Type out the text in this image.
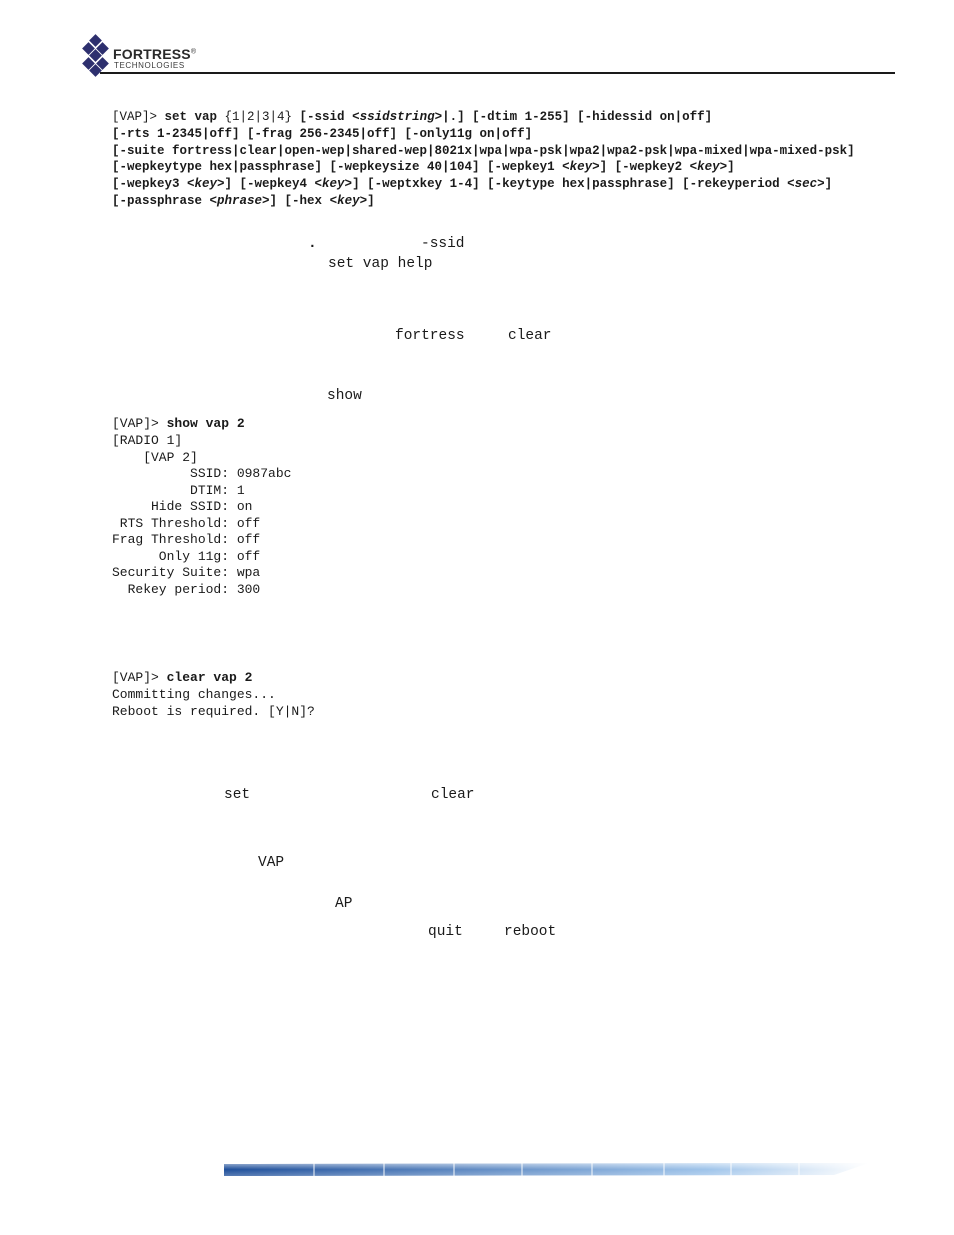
FORTRESS®
TECHNOLOGIES
[VAP]> set vap {1|2|3|4} [-ssid <ssidstring>|.] [-dtim 1-255] [-hidessid on|off]
[-rts 1-2345|off] [-frag 256-2345|off] [-only11g on|off]
[-suite fortress|clear|open-wep|shared-wep|8021x|wpa|wpa-psk|wpa2|wpa2-psk|wpa-mixed|wpa-mixed-psk]
[-wepkeytype hex|passphrase] [-wepkeysize 40|104] [-wepkey1 <key>] [-wepkey2 <key>]
[-wepkey3 <key>] [-wepkey4 <key>] [-weptxkey 1-4] [-keytype hex|passphrase] [-rekeyperiod <sec>]
[-passphrase <phrase>] [-hex <key>]
.	-ssid
set vap help
fortress	clear
show
[VAP]> show vap 2
[RADIO 1]
[VAP 2]
SSID: 0987abc
DTIM: 1
Hide SSID: on
RTS Threshold: off
Frag Threshold: off
Only 11g: off
Security Suite: wpa
Rekey period: 300
[VAP]> clear vap 2
Committing changes...
Reboot is required. [Y|N]?
set	clear
VAP
AP
quit	reboot
